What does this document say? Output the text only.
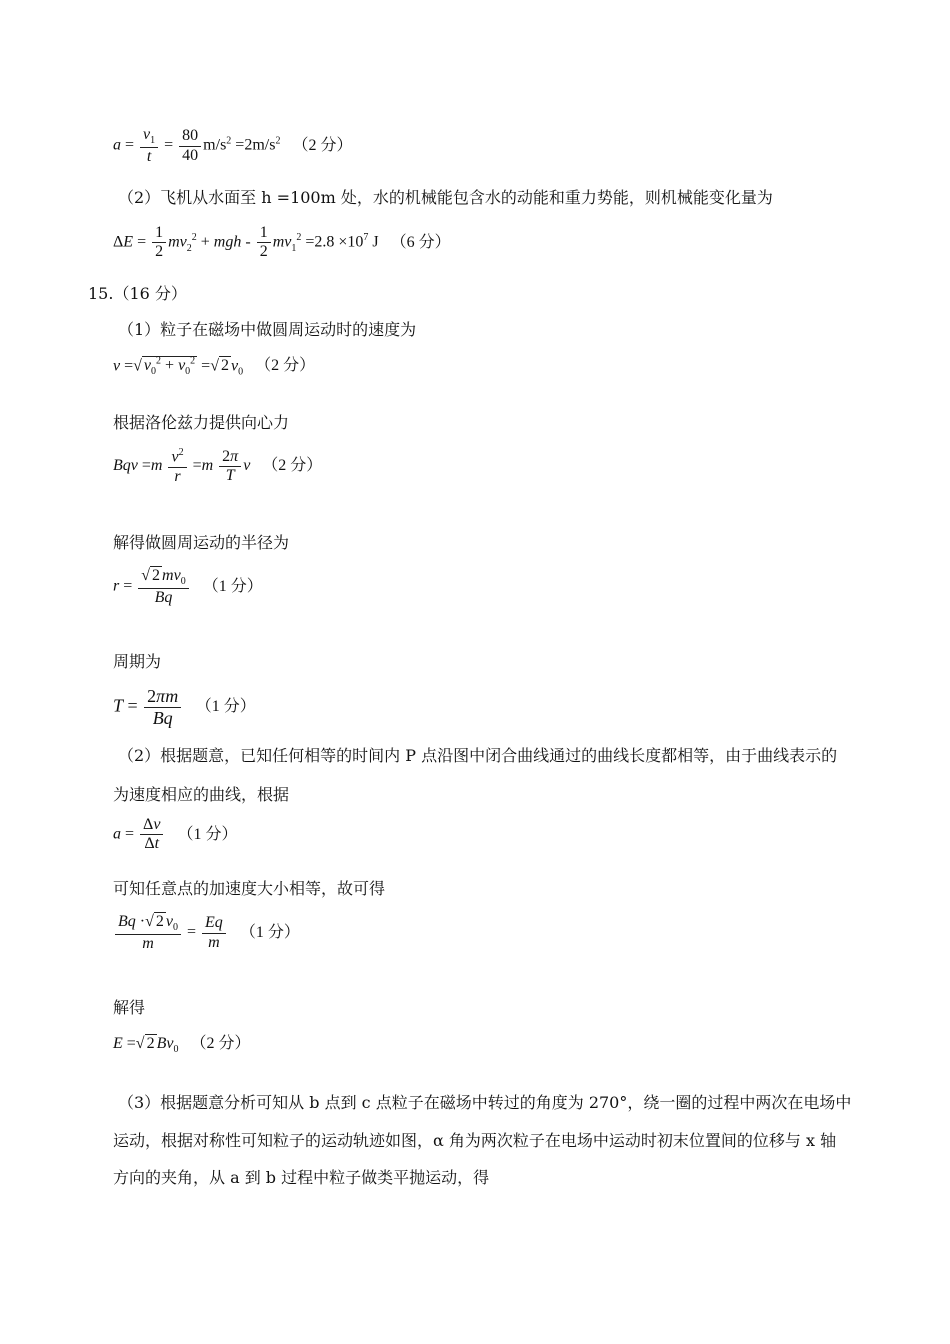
$a = \frac{v_1}{t} = \frac{80}{40} m/s^2 =2m/s^2$ （2 分）
（2）飞机从水面至 h =100m 处，水的机械能包含水的动能和重力势能，则机械能变化量为
$\Delta E = \frac{1}{2} mv_2^2$ + mgh - $\frac{1}{2} mv_1^2 =2.8 \times 10^7$ J （6 分）
15.（16 分）
（1）粒子在磁场中做圆周运动时的速度为
v =√ $v_0^2 + v_0^2$ =√ 2 $v_0$ （2 分）
根据洛伦兹力提供向心力
Bqv $=m \frac{v^2}{r} =m \frac{2\pi}{T}$ v （2 分）
解得做圆周运动的半径为
$r = \frac{√ 2 mv_0}{Bq} (1$ 分）
周期为
$T = \frac{2\pi m}{Bq} (1$ 分）
（2）根据题意，已知任何相等的时间内 P 点沿图中闭合曲线通过的曲线长度都相等，由于曲线表示的
为速度相应的曲线，根据
$a = \frac{\Delta v}{\Delta t} (1$ 分）
可知任意点的加速度大小相等，故可得
$\frac{Bq \cdot√ 2 v_0}{m} = \frac{Eq}{m} (1$ 分）
解得
E =√ 2 $Bv_0$ （2 分）
（3）根据题意分析可知从 b 点到 c 点粒子在磁场中转过的角度为 270°，绕一圈的过程中两次在电场中
运动，根据对称性可知粒子的运动轨迹如图，α 角为两次粒子在电场中运动时初末位置间的位移与 x 轴
方向的夹角，从 a 到 b 过程中粒子做类平抛运动，得
